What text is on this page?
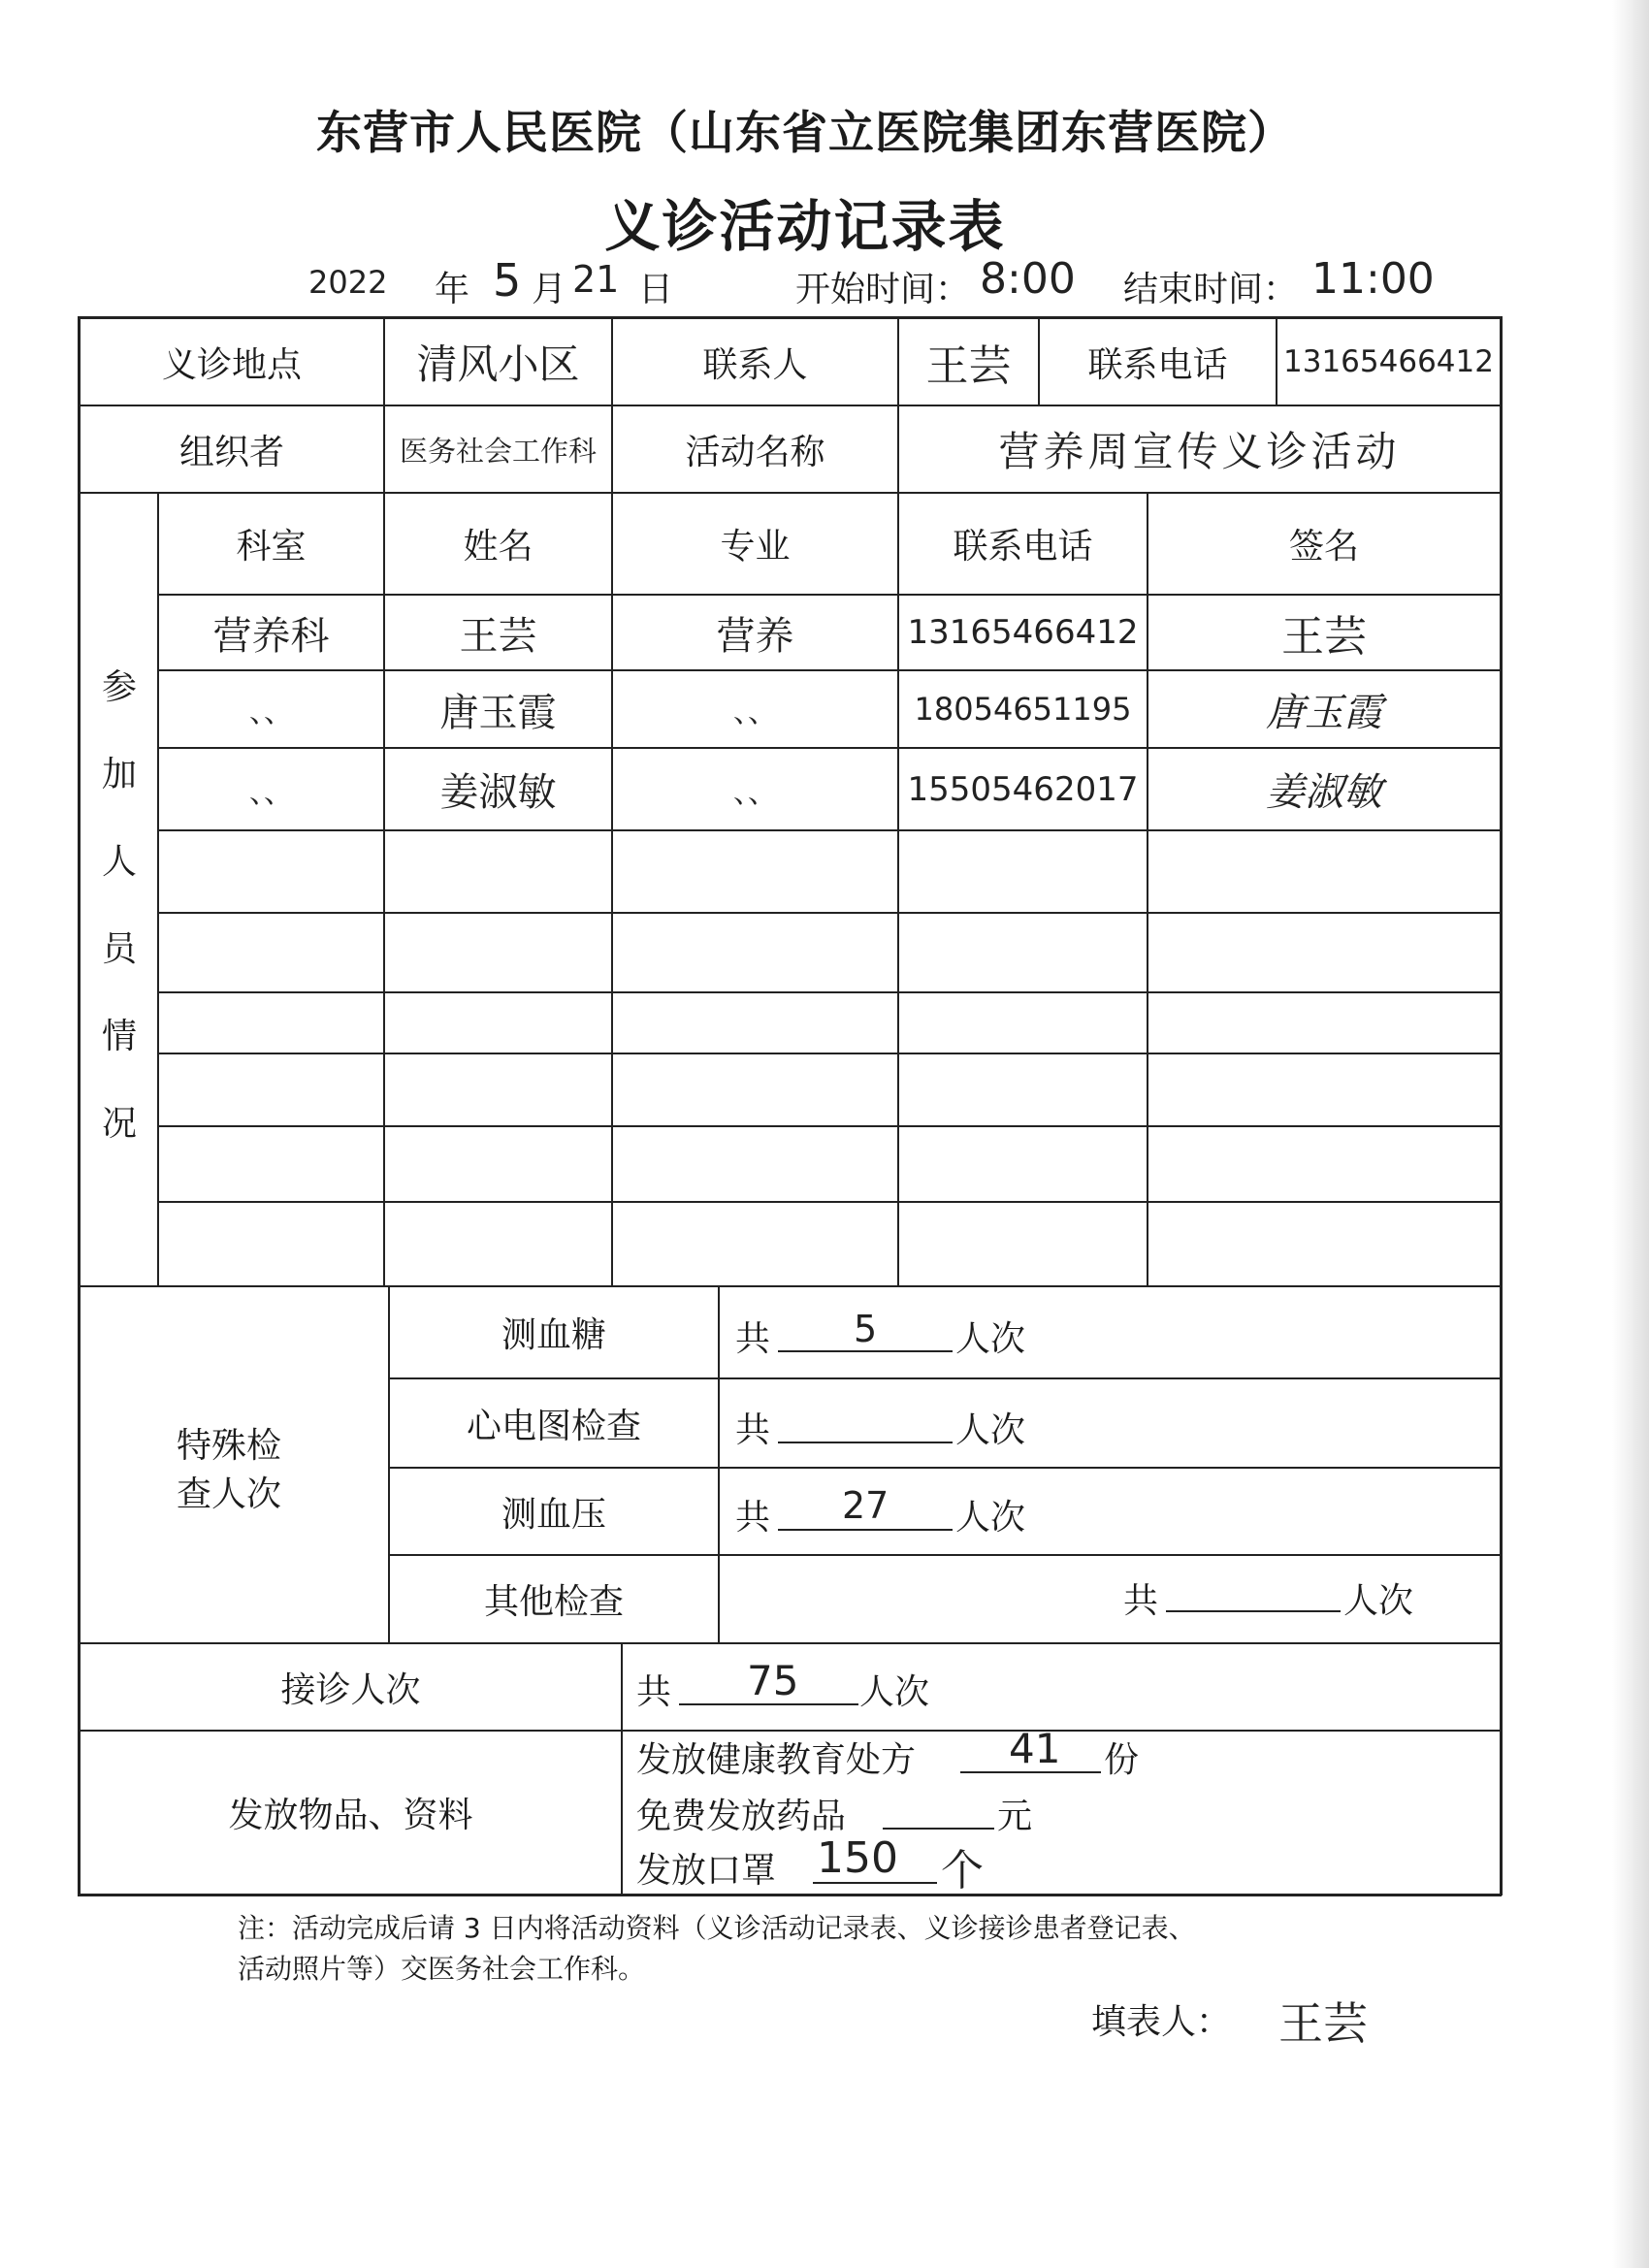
东营市人民医院（山东省立医院集团东营医院）
义诊活动记录表
2022 年 5 月 21 日	开始时间： 8:00 结束时间： 11:00
义诊地点	清风小区	联系人	王芸	联系电话	13165466412
组织者	医务社会工作科	活动名称	营养周宣传义诊活动
参
加
人
员
情
况
科室	姓名	专业	联系电话	签名
营养科	王芸	营养	13165466412	王芸
、、	唐玉霞	、、	18054651195	唐玉霞
、、	姜淑敏	、、	15505462017	姜淑敏
特殊检
查人次
测血糖	共 5 人次
心电图检查	共	人次
测血压	共 27 人次
其他检查	共	人次
接诊人次	共 75 人次
发放物品、资料
发放健康教育处方 41 份
免费发放药品	元
发放口罩 150 个
注：活动完成后请 3 日内将活动资料（义诊活动记录表、义诊接诊患者登记表、
活动照片等）交医务社会工作科。
填表人： 王芸
